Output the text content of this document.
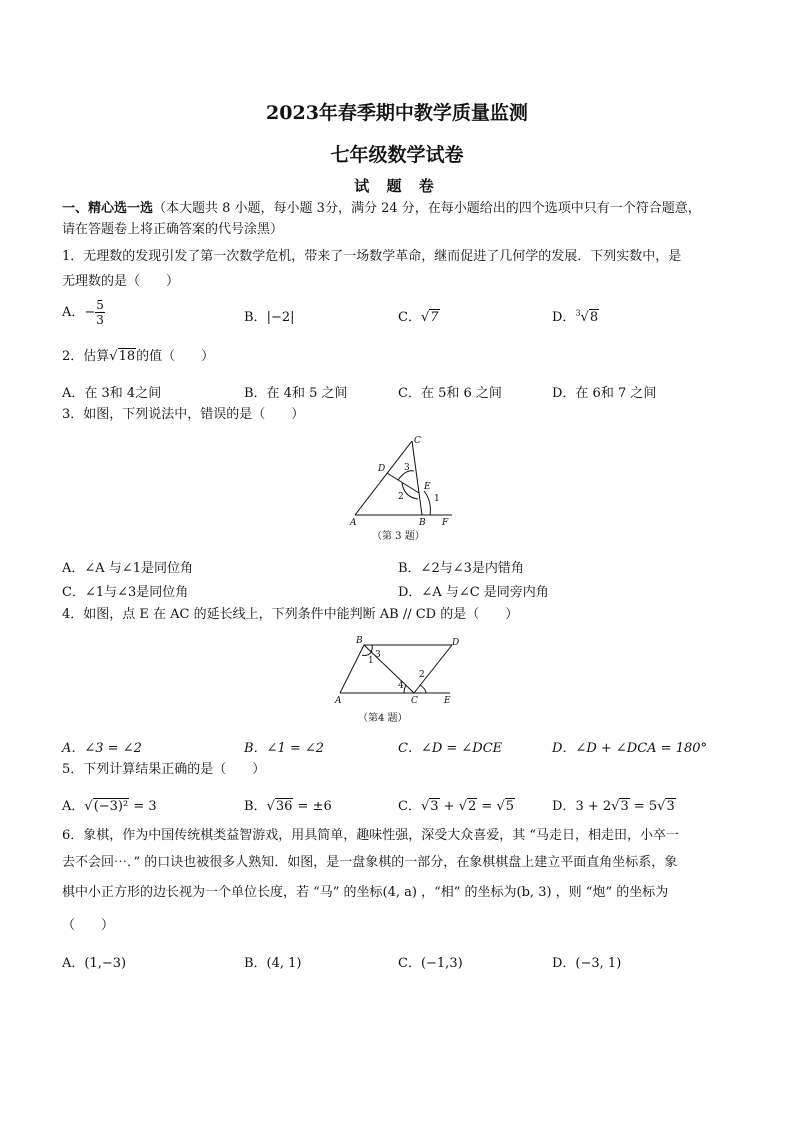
2023年春季期中教学质量监测
七年级数学试卷
试 题 卷
一、精心选一选（本大题共 8 小题，每小题 3分，满分 24 分，在每小题给出的四个选项中只有一个符合题意，
请在答题卷上将正确答案的代号涂黑）
1．无理数的发现引发了第一次数学危机，带来了一场数学革命，继而促进了几何学的发展．下列实数中，是
无理数的是（　　）
A．− $\frac{5}{3}$	B．|−2|	C．√7	D．$^3$√8
2．估算√18的值（　　）
A．在 3和 4之间	B．在 4和 5 之间	C．在 5和 6 之间	D．在 6和 7 之间
3．如图，下列说法中，错误的是（　　）
C
D
E
A	B F
1
2
3
（第 3 题）
A．∠A 与∠1是同位角	B．∠2与∠3是内错角
C．∠1与∠3是同位角	D．∠A 与∠C 是同旁内角
4．如图，点 E 在 AC 的延长线上，下列条件中能判断 AB // CD 的是（　　）
B	D
A	C	E
1
2
3
4
（第4 题）
A．∠3 = ∠2	B．∠1 = ∠2	C．∠D = ∠DCE	D．∠D + ∠DCA = 180°
5．下列计算结果正确的是（　　）
A．√(−3)² = 3	B．√36 = ±6	C．√3 + √2 = √5	D．3 + 2√3 = 5√3
6．象棋，作为中国传统棋类益智游戏，用具简单，趣味性强，深受大众喜爱，其 “马走日，相走田，小卒一
去不会回⋯．” 的口诀也被很多人熟知．如图，是一盘象棋的一部分，在象棋棋盘上建立平面直角坐标系，象
棋中小正方形的边长视为一个单位长度，若 “马” 的坐标(4, a) ，“相” 的坐标为(b, 3) ，则 “炮” 的坐标为
（　　）
A．(1,−3)	B．(4, 1)	C．(−1,3)	D．(−3, 1)
